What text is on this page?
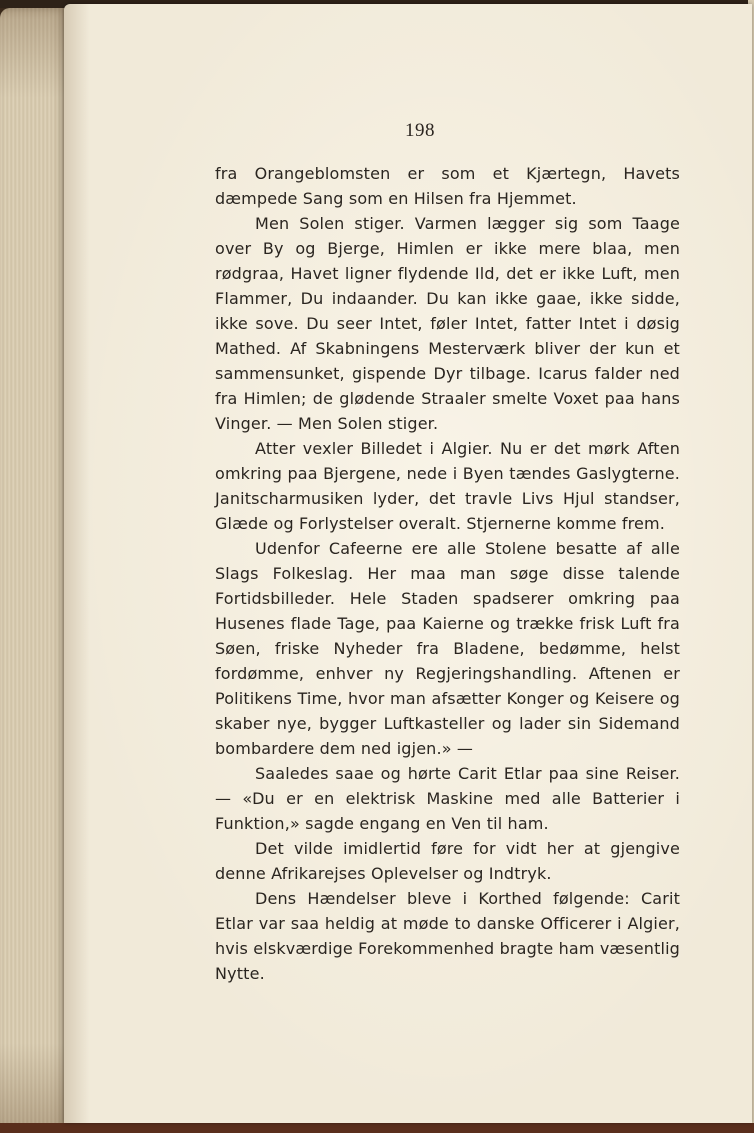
198

fra Orangeblomsten er som et Kjærtegn, Havets dæmpede Sang som en Hilsen fra Hjemmet.

Men Solen stiger. Varmen lægger sig som Taage over By og Bjerge, Himlen er ikke mere blaa, men rødgraa, Havet ligner flydende Ild, det er ikke Luft, men Flammer, Du indaander. Du kan ikke gaae, ikke sidde, ikke sove. Du seer Intet, føler Intet, fatter Intet i døsig Mathed. Af Skabningens Mesterværk bliver der kun et sammensunket, gispende Dyr tilbage. Icarus falder ned fra Himlen; de glødende Straaler smelte Voxet paa hans Vinger. — Men Solen stiger.

Atter vexler Billedet i Algier. Nu er det mørk Aften omkring paa Bjergene, nede i Byen tændes Gaslygterne. Janitscharmusiken lyder, det travle Livs Hjul standser, Glæde og Forlystelser overalt. Stjernerne komme frem.

Udenfor Cafeerne ere alle Stolene besatte af alle Slags Folkeslag. Her maa man søge disse talende Fortidsbilleder. Hele Staden spadserer omkring paa Husenes flade Tage, paa Kaierne og trække frisk Luft fra Søen, friske Nyheder fra Bladene, bedømme, helst fordømme, enhver ny Regjeringshandling. Aftenen er Politikens Time, hvor man afsætter Konger og Keisere og skaber nye, bygger Luftkasteller og lader sin Sidemand bombardere dem ned igjen.» —

Saaledes saae og hørte Carit Etlar paa sine Reiser. — «Du er en elektrisk Maskine med alle Batterier i Funktion,» sagde engang en Ven til ham.

Det vilde imidlertid føre for vidt her at gjengive denne Afrikarejses Oplevelser og Indtryk.

Dens Hændelser bleve i Korthed følgende: Carit Etlar var saa heldig at møde to danske Officerer i Algier, hvis elskværdige Forekommenhed bragte ham væsentlig Nytte.
